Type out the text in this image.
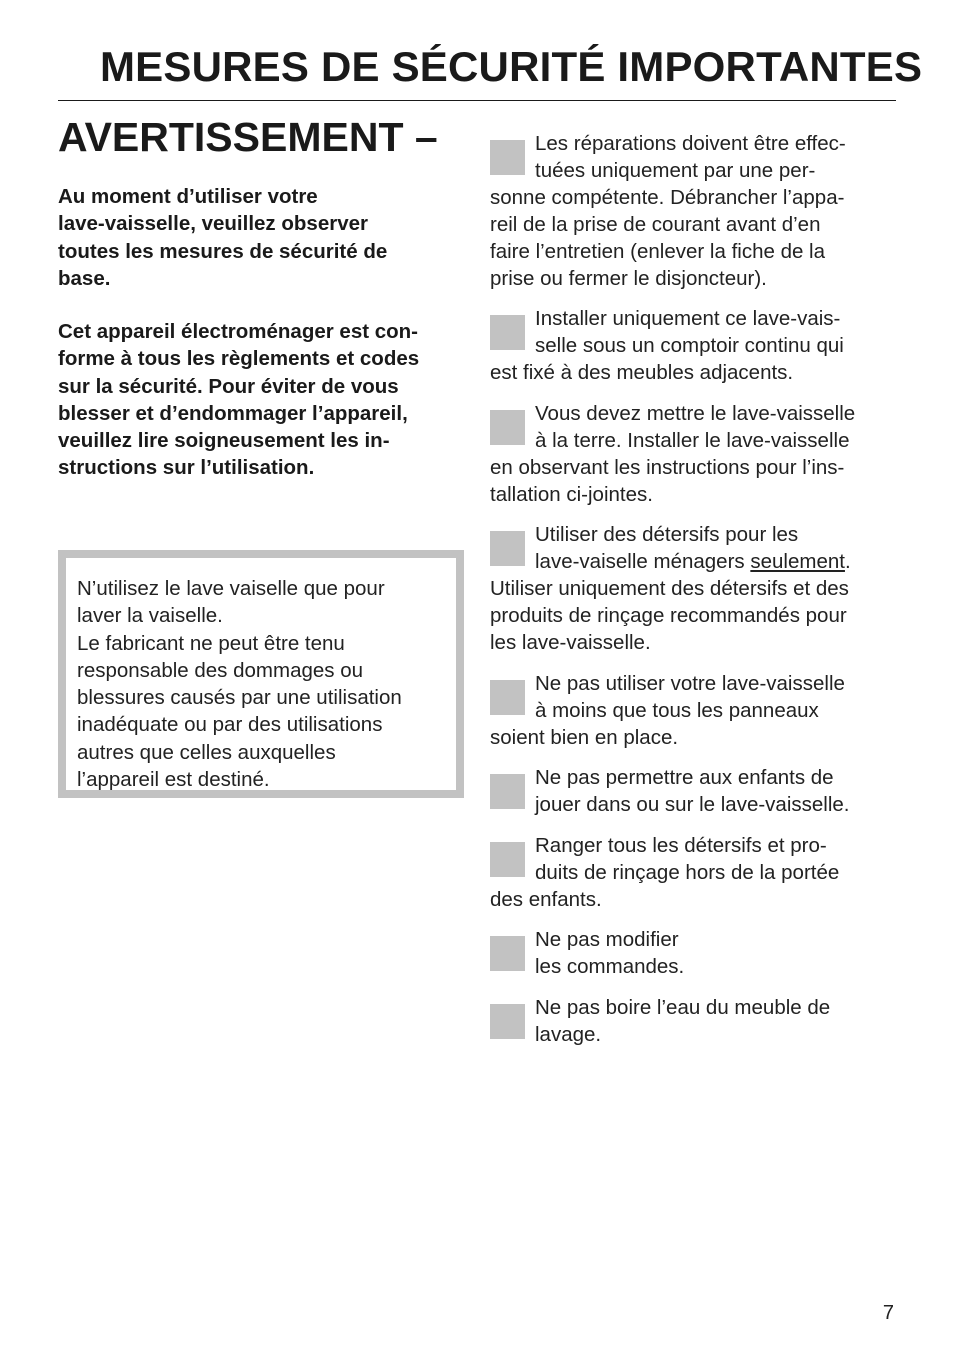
MESURES DE SÉCURITÉ IMPORTANTES
AVERTISSEMENT –

Au moment d’utiliser votre
lave-vaisselle, veuillez observer
toutes les mesures de sécurité de
base.

Cet appareil électroménager est con-
forme à tous les règlements et codes
sur la sécurité. Pour éviter de vous
blesser et d’endommager l’appareil,
veuillez lire soigneusement les in-
structions sur l’utilisation.

N’utilisez le lave vaiselle que pour
laver la vaiselle.
Le fabricant ne peut être tenu
responsable des dommages ou
blessures causés par une utilisation
inadéquate ou par des utilisations
autres que celles auxquelles
l’appareil est destiné.
Les réparations doivent être effec-
tuées uniquement par une per-
sonne compétente. Débrancher l’appa-
reil de la prise de courant avant d’en
faire l’entretien (enlever la fiche de la
prise ou fermer le disjoncteur).
Installer uniquement ce lave-vais-
selle sous un comptoir continu qui
est fixé à des meubles adjacents.
Vous devez mettre le lave-vaisselle
à la terre. Installer le lave-vaisselle
en observant les instructions pour l’ins-
tallation ci-jointes.
Utiliser des détersifs pour les
lave-vaiselle ménagers seulement.
Utiliser uniquement des détersifs et des
produits de rinçage recommandés pour
les lave-vaisselle.
Ne pas utiliser votre lave-vaisselle
à moins que tous les panneaux
soient bien en place.
Ne pas permettre aux enfants de
jouer dans ou sur le lave-vaisselle.
Ranger tous les détersifs et pro-
duits de rinçage hors de la portée
des enfants.
Ne pas modifier
les commandes.
Ne pas boire l’eau du meuble de
lavage.
7
